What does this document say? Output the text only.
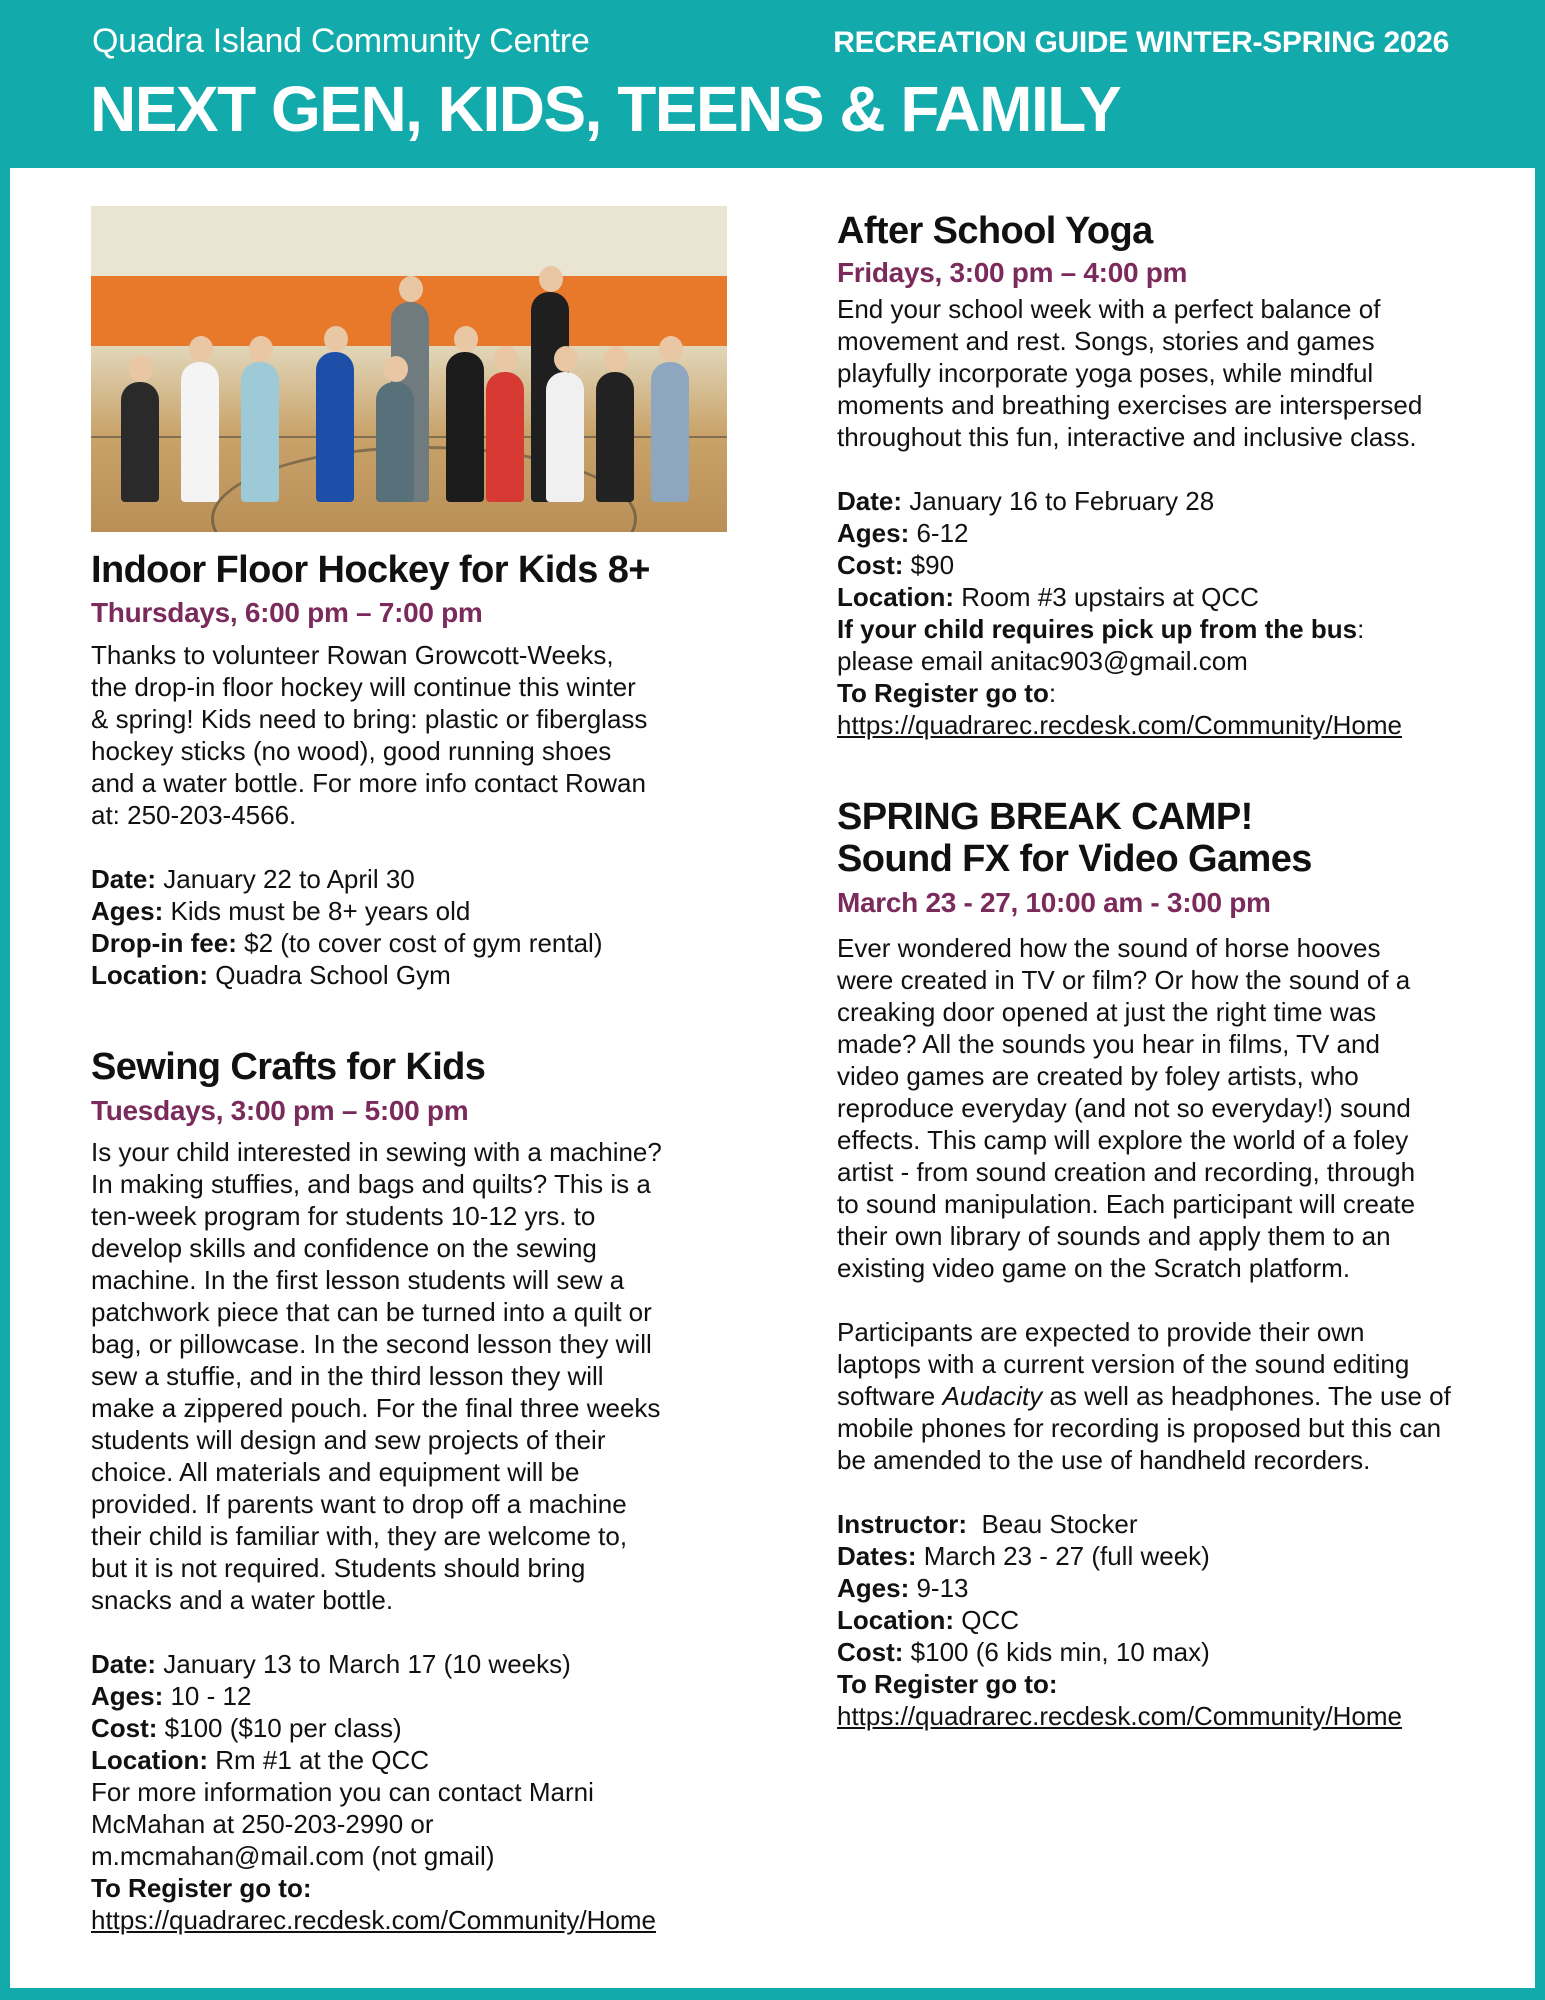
Quadra Island Community Centre	RECREATION GUIDE WINTER-SPRING 2026
NEXT GEN, KIDS, TEENS & FAMILY
Indoor Floor Hockey for Kids 8+
Thursdays, 6:00 pm – 7:00 pm
Thanks to volunteer Rowan Growcott-Weeks,
the drop-in floor hockey will continue this winter
& spring! Kids need to bring: plastic or fiberglass
hockey sticks (no wood), good running shoes
and a water bottle. For more info contact Rowan
at: 250-203-4566.
Date: January 22 to April 30
Ages: Kids must be 8+ years old
Drop-in fee: $2 (to cover cost of gym rental)
Location: Quadra School Gym
Sewing Crafts for Kids
Tuesdays, 3:00 pm – 5:00 pm
Is your child interested in sewing with a machine?
In making stuffies, and bags and quilts? This is a
ten-week program for students 10-12 yrs. to
develop skills and confidence on the sewing
machine. In the first lesson students will sew a
patchwork piece that can be turned into a quilt or
bag, or pillowcase. In the second lesson they will
sew a stuffie, and in the third lesson they will
make a zippered pouch. For the final three weeks
students will design and sew projects of their
choice. All materials and equipment will be
provided. If parents want to drop off a machine
their child is familiar with, they are welcome to,
but it is not required. Students should bring
snacks and a water bottle.
Date: January 13 to March 17 (10 weeks)
Ages: 10 - 12
Cost: $100 ($10 per class)
Location: Rm #1 at the QCC
For more information you can contact Marni
McMahan at 250-203-2990 or
m.mcmahan@mail.com (not gmail)
To Register go to:
https://quadrarec.recdesk.com/Community/Home
After School Yoga
Fridays, 3:00 pm – 4:00 pm
End your school week with a perfect balance of
movement and rest. Songs, stories and games
playfully incorporate yoga poses, while mindful
moments and breathing exercises are interspersed
throughout this fun, interactive and inclusive class.
Date: January 16 to February 28
Ages: 6-12
Cost: $90
Location: Room #3 upstairs at QCC
If your child requires pick up from the bus:
please email anitac903@gmail.com
To Register go to:
https://quadrarec.recdesk.com/Community/Home
SPRING BREAK CAMP!
Sound FX for Video Games
March 23 - 27, 10:00 am - 3:00 pm
Ever wondered how the sound of horse hooves
were created in TV or film? Or how the sound of a
creaking door opened at just the right time was
made? All the sounds you hear in films, TV and
video games are created by foley artists, who
reproduce everyday (and not so everyday!) sound
effects. This camp will explore the world of a foley
artist - from sound creation and recording, through
to sound manipulation. Each participant will create
their own library of sounds and apply them to an
existing video game on the Scratch platform.
Participants are expected to provide their own
laptops with a current version of the sound editing
software Audacity as well as headphones. The use of
mobile phones for recording is proposed but this can
be amended to the use of handheld recorders.
Instructor:  Beau Stocker
Dates: March 23 - 27 (full week)
Ages: 9-13
Location: QCC
Cost: $100 (6 kids min, 10 max)
To Register go to:
https://quadrarec.recdesk.com/Community/Home
